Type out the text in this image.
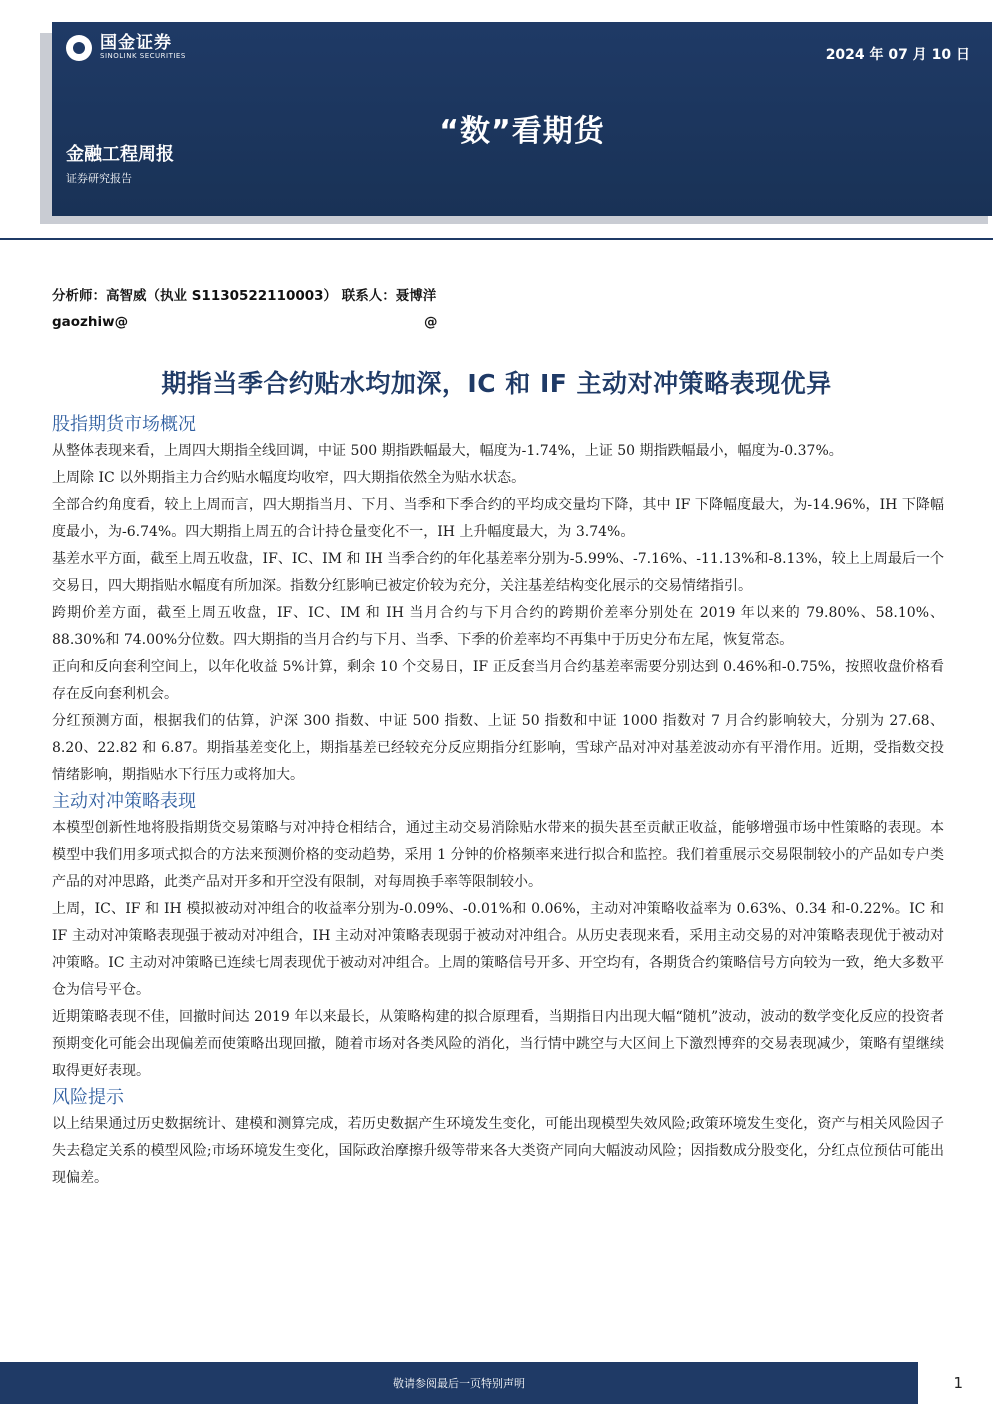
国金证券
SINOLINK SECURITIES	2024 年 07 月 10 日
“数”看期货
金融工程周报
证券研究报告
分析师：高智威（执业 S1130522110003） 联系人：聂博洋
gaozhiw@	@
期指当季合约贴水均加深，IC 和 IF 主动对冲策略表现优异
股指期货市场概况

从整体表现来看，上周四大期指全线回调，中证 500 期指跌幅最大，幅度为-1.74%，上证 50 期指跌幅最小，幅度为-0.37%。

上周除 IC 以外期指主力合约贴水幅度均收窄，四大期指依然全为贴水状态。

全部合约角度看，较上上周而言，四大期指当月、下月、当季和下季合约的平均成交量均下降，其中 IF 下降幅度最大，为-14.96%，IH 下降幅度最小，为-6.74%。四大期指上周五的合计持仓量变化不一，IH 上升幅度最大，为 3.74%。

基差水平方面，截至上周五收盘，IF、IC、IM 和 IH 当季合约的年化基差率分别为-5.99%、-7.16%、-11.13%和-8.13%，较上上周最后一个交易日，四大期指贴水幅度有所加深。指数分红影响已被定价较为充分，关注基差结构变化展示的交易情绪指引。

跨期价差方面，截至上周五收盘，IF、IC、IM 和 IH 当月合约与下月合约的跨期价差率分别处在 2019 年以来的 79.80%、58.10%、88.30%和 74.00%分位数。四大期指的当月合约与下月、当季、下季的价差率均不再集中于历史分布左尾，恢复常态。

正向和反向套利空间上，以年化收益 5%计算，剩余 10 个交易日，IF 正反套当月合约基差率需要分别达到 0.46%和-0.75%，按照收盘价格看存在反向套利机会。

分红预测方面，根据我们的估算，沪深 300 指数、中证 500 指数、上证 50 指数和中证 1000 指数对 7 月合约影响较大，分别为 27.68、8.20、22.82 和 6.87。期指基差变化上，期指基差已经较充分反应期指分红影响，雪球产品对冲对基差波动亦有平滑作用。近期，受指数交投情绪影响，期指贴水下行压力或将加大。

主动对冲策略表现

本模型创新性地将股指期货交易策略与对冲持仓相结合，通过主动交易消除贴水带来的损失甚至贡献正收益，能够增强市场中性策略的表现。本模型中我们用多项式拟合的方法来预测价格的变动趋势，采用 1 分钟的价格频率来进行拟合和监控。我们着重展示交易限制较小的产品如专户类产品的对冲思路，此类产品对开多和开空没有限制，对每周换手率等限制较小。

上周，IC、IF 和 IH 模拟被动对冲组合的收益率分别为-0.09%、-0.01%和 0.06%，主动对冲策略收益率为 0.63%、0.34 和-0.22%。IC 和 IF 主动对冲策略表现强于被动对冲组合，IH 主动对冲策略表现弱于被动对冲组合。从历史表现来看，采用主动交易的对冲策略表现优于被动对冲策略。IC 主动对冲策略已连续七周表现优于被动对冲组合。上周的策略信号开多、开空均有，各期货合约策略信号方向较为一致，绝大多数平仓为信号平仓。

近期策略表现不佳，回撤时间达 2019 年以来最长，从策略构建的拟合原理看，当期指日内出现大幅“随机”波动，波动的数学变化反应的投资者预期变化可能会出现偏差而使策略出现回撤，随着市场对各类风险的消化，当行情中跳空与大区间上下激烈博弈的交易表现减少，策略有望继续取得更好表现。

风险提示

以上结果通过历史数据统计、建模和测算完成，若历史数据产生环境发生变化，可能出现模型失效风险;政策环境发生变化，资产与相关风险因子失去稳定关系的模型风险;市场环境发生变化，国际政治摩擦升级等带来各大类资产同向大幅波动风险；因指数成分股变化，分红点位预估可能出现偏差。

敬请参阅最后一页特别声明	1
